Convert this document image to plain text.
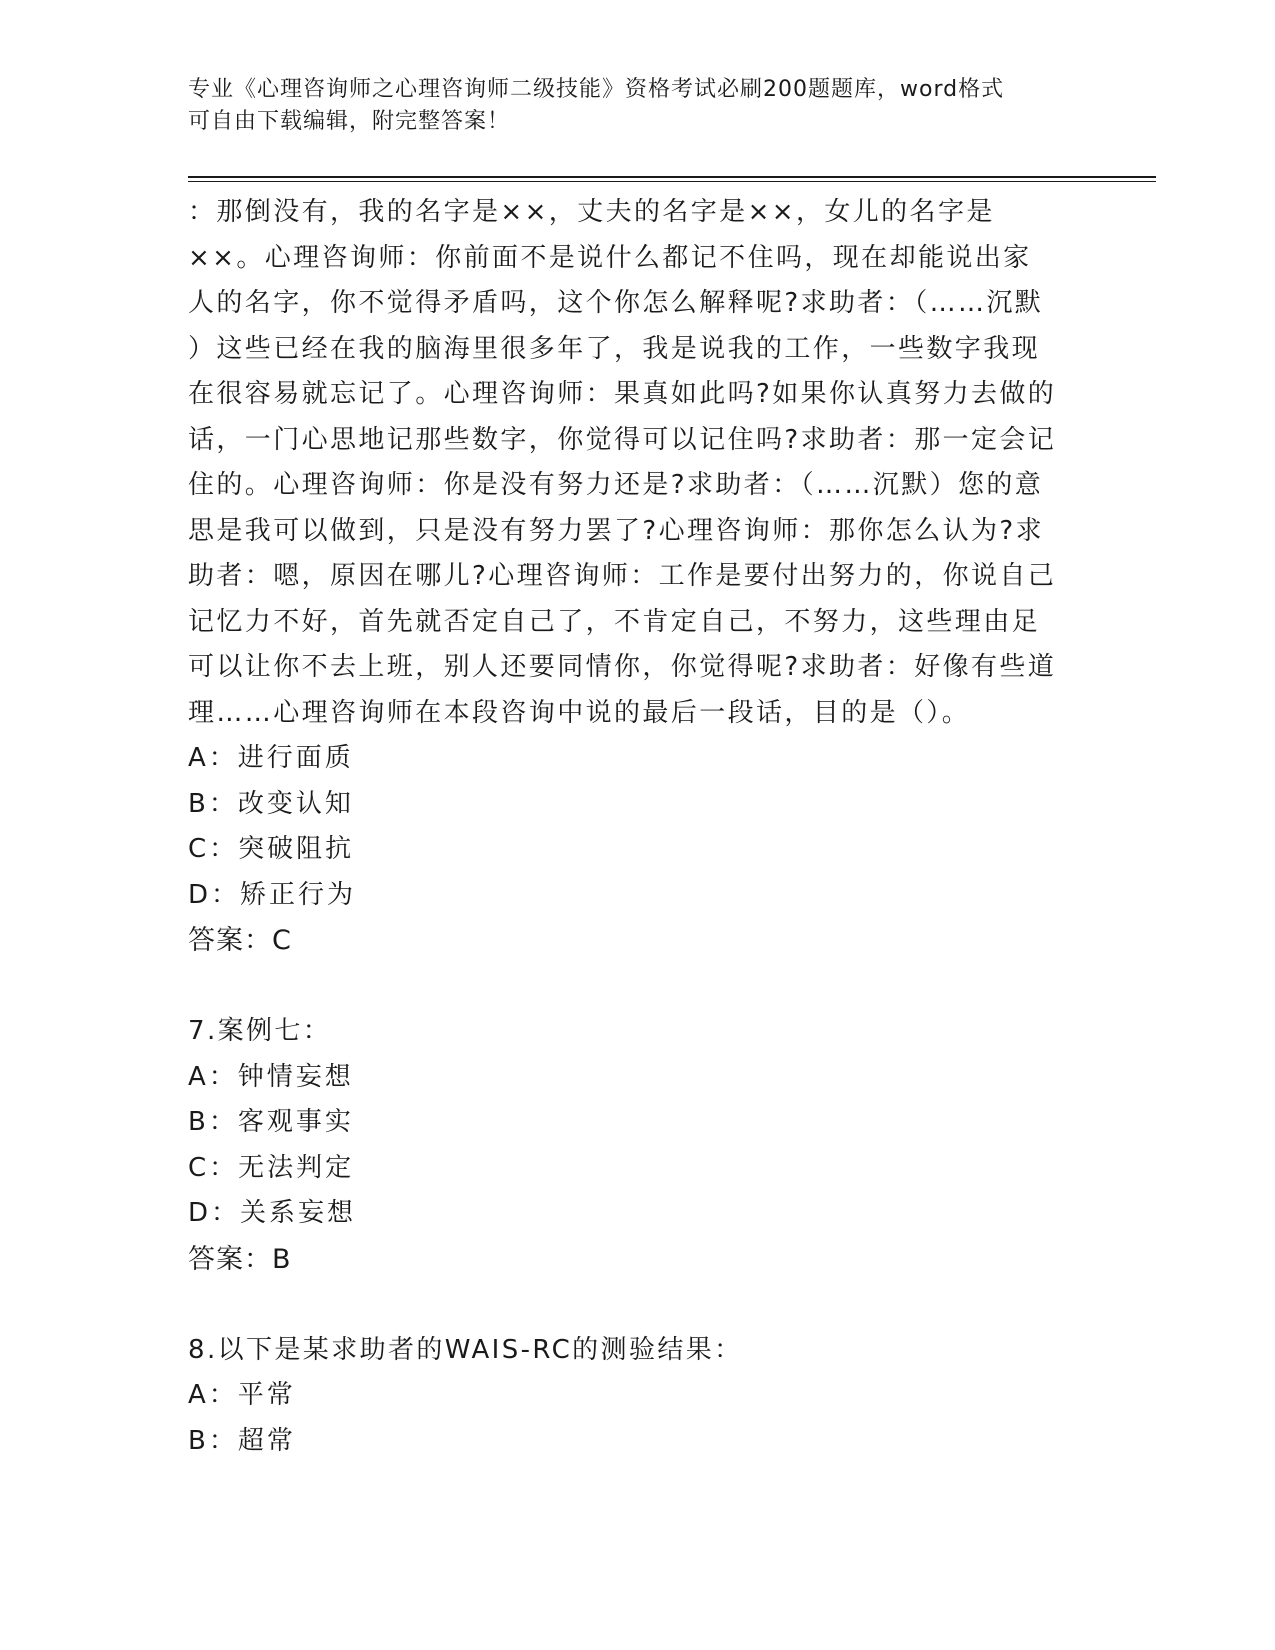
专业《心理咨询师之心理咨询师二级技能》资格考试必刷200题题库，word格式
可自由下载编辑，附完整答案！
：那倒没有，我的名字是××，丈夫的名字是××，女儿的名字是
××。心理咨询师：你前面不是说什么都记不住吗，现在却能说出家
人的名字，你不觉得矛盾吗，这个你怎么解释呢?求助者：（……沉默
）这些已经在我的脑海里很多年了，我是说我的工作，一些数字我现
在很容易就忘记了。心理咨询师：果真如此吗?如果你认真努力去做的
话，一门心思地记那些数字，你觉得可以记住吗?求助者：那一定会记
住的。心理咨询师：你是没有努力还是?求助者：（……沉默）您的意
思是我可以做到，只是没有努力罢了?心理咨询师：那你怎么认为?求
助者：嗯，原因在哪儿?心理咨询师：工作是要付出努力的，你说自己
记忆力不好，首先就否定自己了，不肯定自己，不努力，这些理由足
可以让你不去上班，别人还要同情你，你觉得呢?求助者：好像有些道
理……心理咨询师在本段咨询中说的最后一段话，目的是（）。
A：进行面质
B：改变认知
C：突破阻抗
D：矫正行为
答案：C
7.案例七：
A：钟情妄想
B：客观事实
C：无法判定
D：关系妄想
答案：B
8.以下是某求助者的WAIS-RC的测验结果：
A：平常
B：超常
